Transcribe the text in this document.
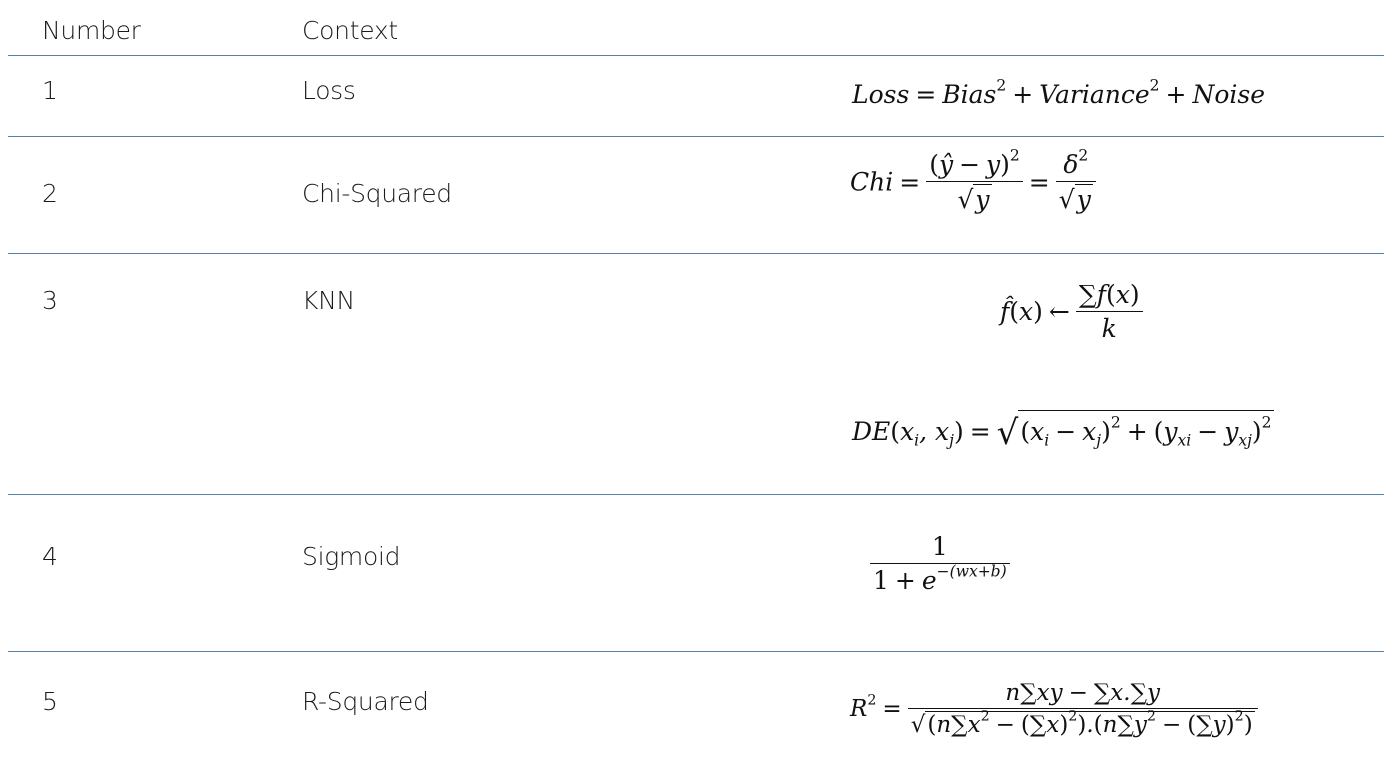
Number	Context
1	Loss	Loss = Bias$^2$ + Variance$^2$ + Noise
2	Chi-Squared	Chi = $\frac{(ŷ - y)^2}{√y} = \frac{\delta^2}{√y}$
3	KNN	f̂(x) ← $\frac{\sum f(x)}{k}$
$DE(x_i$, $x_j) = √(x_i - x_j)^2 + (y_{xi} - y_{xj})^2$
4	Sigmoid	$\frac{1}{1 + e^{-(wx+b)}}$
5	R-Squared	$R^2 = \frac{n\sum xy - \sum x.\sum y}{√(n\sum x^2 - (\sum x)^2).(n\sum y^2 - (\sum y)^2)}$
